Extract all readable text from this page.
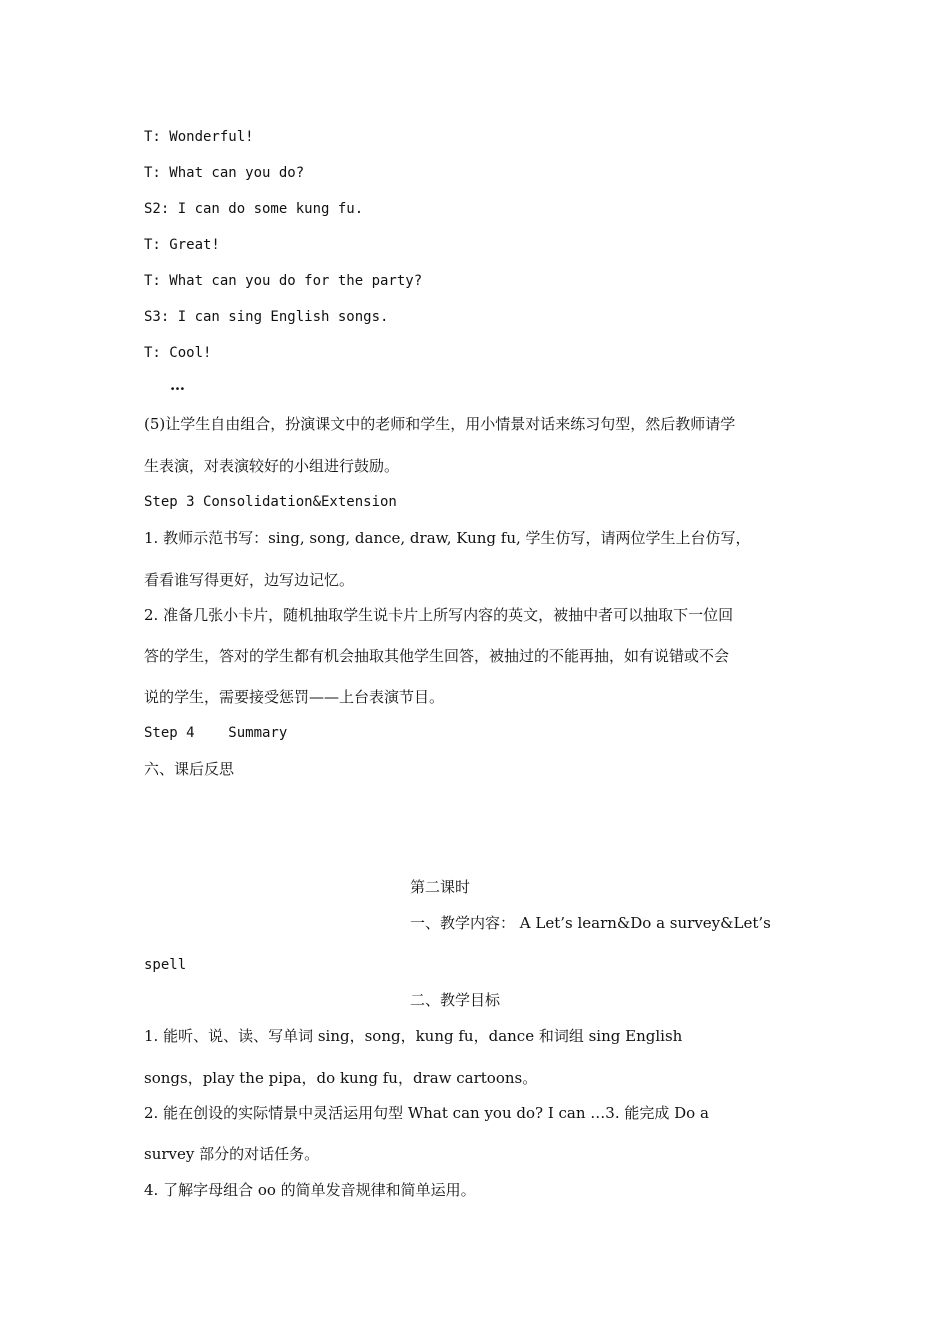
T: Wonderful!
T: What can you do?
S2: I can do some kung fu.
T: Great!
T: What can you do for the party?
S3: I can sing English songs.
T: Cool!
…
(5)让学生自由组合，扮演课文中的老师和学生，用小情景对话来练习句型，然后教师请学
生表演，对表演较好的小组进行鼓励。
Step 3 Consolidation&Extension
1. 教师示范书写：sing, song, dance, draw, Kung fu, 学生仿写，请两位学生上台仿写，
看看谁写得更好，边写边记忆。
2. 准备几张小卡片，随机抽取学生说卡片上所写内容的英文，被抽中者可以抽取下一位回
答的学生，答对的学生都有机会抽取其他学生回答，被抽过的不能再抽，如有说错或不会
说的学生，需要接受惩罚——上台表演节目。
Step 4    Summary
六、课后反思
第二课时
一、教学内容： A Let’s learn&Do a survey&Let’s
spell
二、教学目标
1. 能听、说、读、写单词 sing，song，kung fu，dance 和词组 sing English
songs，play the pipa，do kung fu，draw cartoons。
2. 能在创设的实际情景中灵活运用句型 What can you do? I can …3. 能完成 Do a
survey 部分的对话任务。
4. 了解字母组合 oo 的简单发音规律和简单运用。
